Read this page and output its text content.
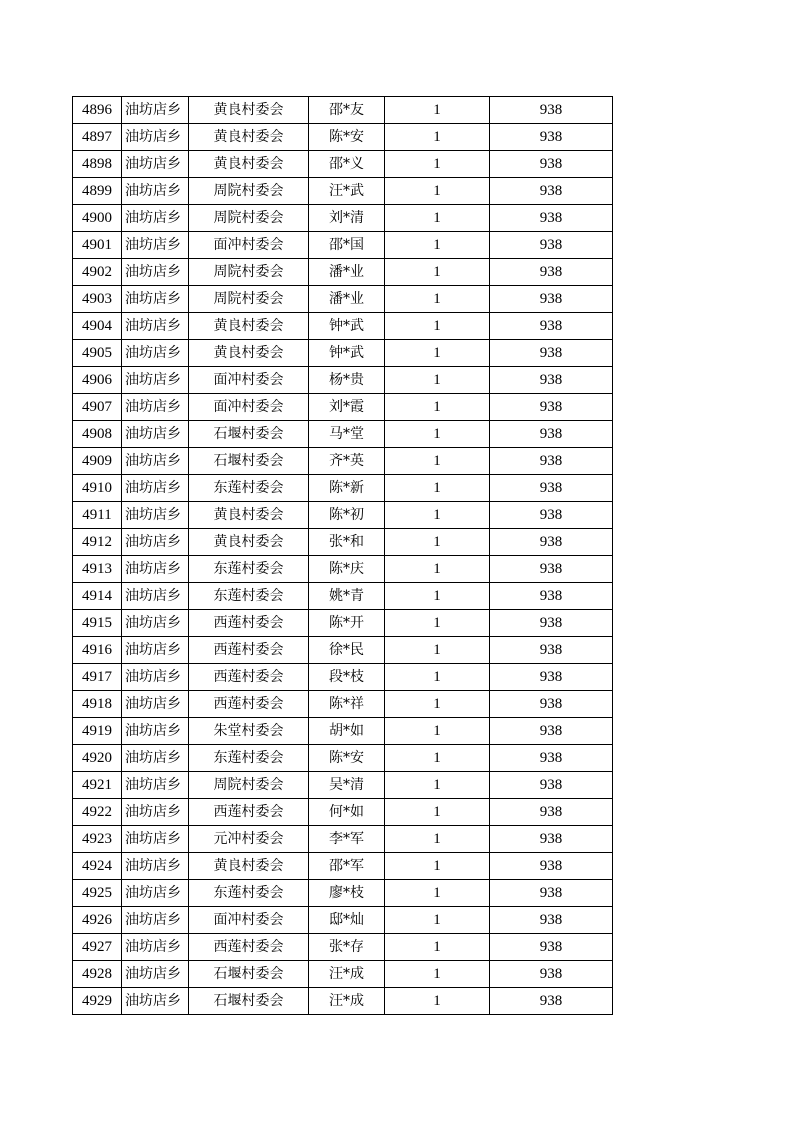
4896	油坊店乡	黄良村委会	邵*友	1	938
4897	油坊店乡	黄良村委会	陈*安	1	938
4898	油坊店乡	黄良村委会	邵*义	1	938
4899	油坊店乡	周院村委会	汪*武	1	938
4900	油坊店乡	周院村委会	刘*清	1	938
4901	油坊店乡	面冲村委会	邵*国	1	938
4902	油坊店乡	周院村委会	潘*业	1	938
4903	油坊店乡	周院村委会	潘*业	1	938
4904	油坊店乡	黄良村委会	钟*武	1	938
4905	油坊店乡	黄良村委会	钟*武	1	938
4906	油坊店乡	面冲村委会	杨*贵	1	938
4907	油坊店乡	面冲村委会	刘*霞	1	938
4908	油坊店乡	石堰村委会	马*堂	1	938
4909	油坊店乡	石堰村委会	齐*英	1	938
4910	油坊店乡	东莲村委会	陈*新	1	938
4911	油坊店乡	黄良村委会	陈*初	1	938
4912	油坊店乡	黄良村委会	张*和	1	938
4913	油坊店乡	东莲村委会	陈*庆	1	938
4914	油坊店乡	东莲村委会	姚*青	1	938
4915	油坊店乡	西莲村委会	陈*开	1	938
4916	油坊店乡	西莲村委会	徐*民	1	938
4917	油坊店乡	西莲村委会	段*枝	1	938
4918	油坊店乡	西莲村委会	陈*祥	1	938
4919	油坊店乡	朱堂村委会	胡*如	1	938
4920	油坊店乡	东莲村委会	陈*安	1	938
4921	油坊店乡	周院村委会	吴*清	1	938
4922	油坊店乡	西莲村委会	何*如	1	938
4923	油坊店乡	元冲村委会	李*军	1	938
4924	油坊店乡	黄良村委会	邵*军	1	938
4925	油坊店乡	东莲村委会	廖*枝	1	938
4926	油坊店乡	面冲村委会	邸*灿	1	938
4927	油坊店乡	西莲村委会	张*存	1	938
4928	油坊店乡	石堰村委会	汪*成	1	938
4929	油坊店乡	石堰村委会	汪*成	1	938
